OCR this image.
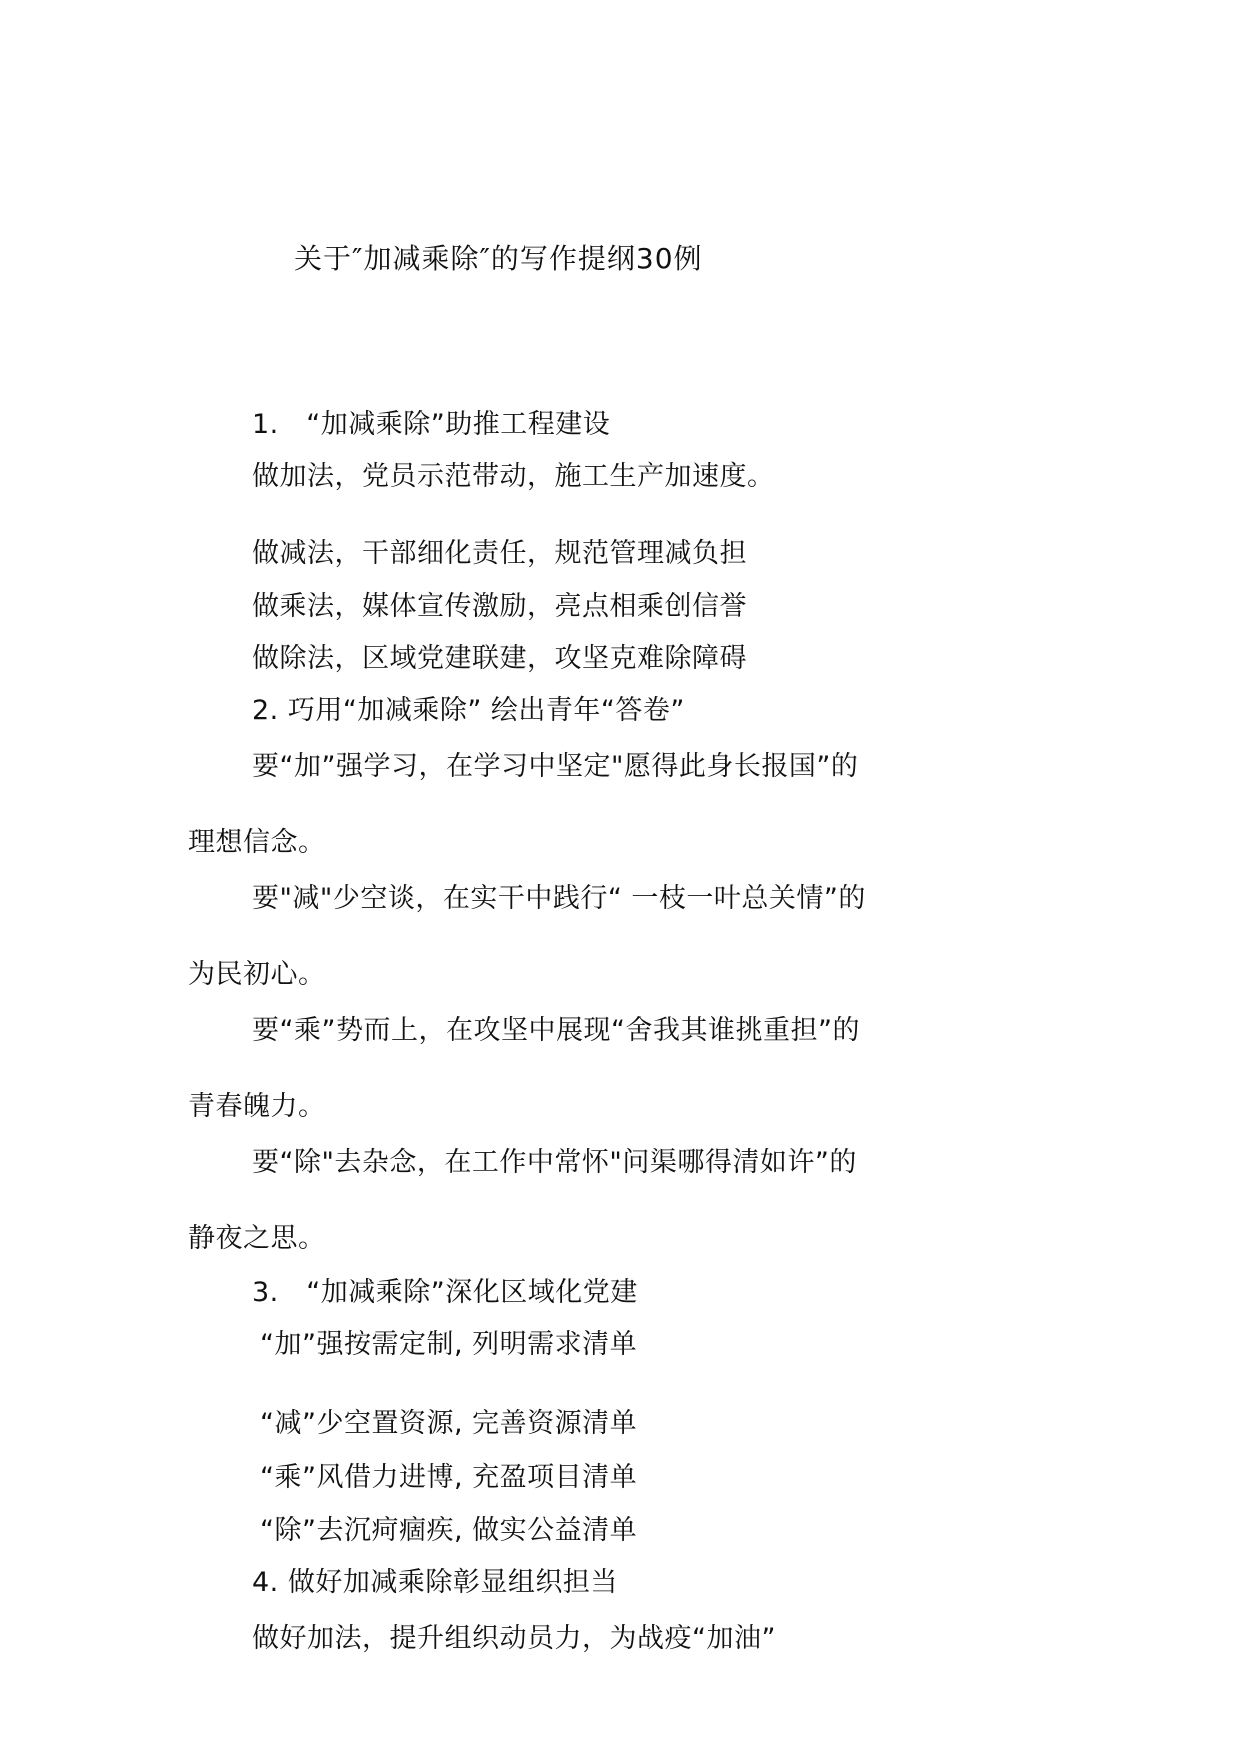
关于″加减乘除″的写作提纲30例
1.　“加减乘除”助推工程建设
做加法，党员示范带动，施工生产加速度。
做减法，干部细化责任，规范管理减负担
做乘法，媒体宣传激励，亮点相乘创信誉
做除法，区域党建联建，攻坚克难除障碍
2. 巧用“加减乘除” 绘出青年“答卷”
要“加”强学习，在学习中坚定"愿得此身长报国”的
理想信念。
要"减"少空谈，在实干中践行“ 一枝一叶总关情”的
为民初心。
要“乘”势而上，在攻坚中展现“舍我其谁挑重担”的
青春魄力。
要“除"去杂念，在工作中常怀"问渠哪得清如许”的
静夜之思。
3.　“加减乘除”深化区域化党建
“加”强按需定制, 列明需求清单
“减”少空置资源, 完善资源清单
“乘”风借力进博, 充盈项目清单
“除”去沉疴痼疾, 做实公益清单
4. 做好加减乘除彰显组织担当
做好加法，提升组织动员力，为战疫“加油”
